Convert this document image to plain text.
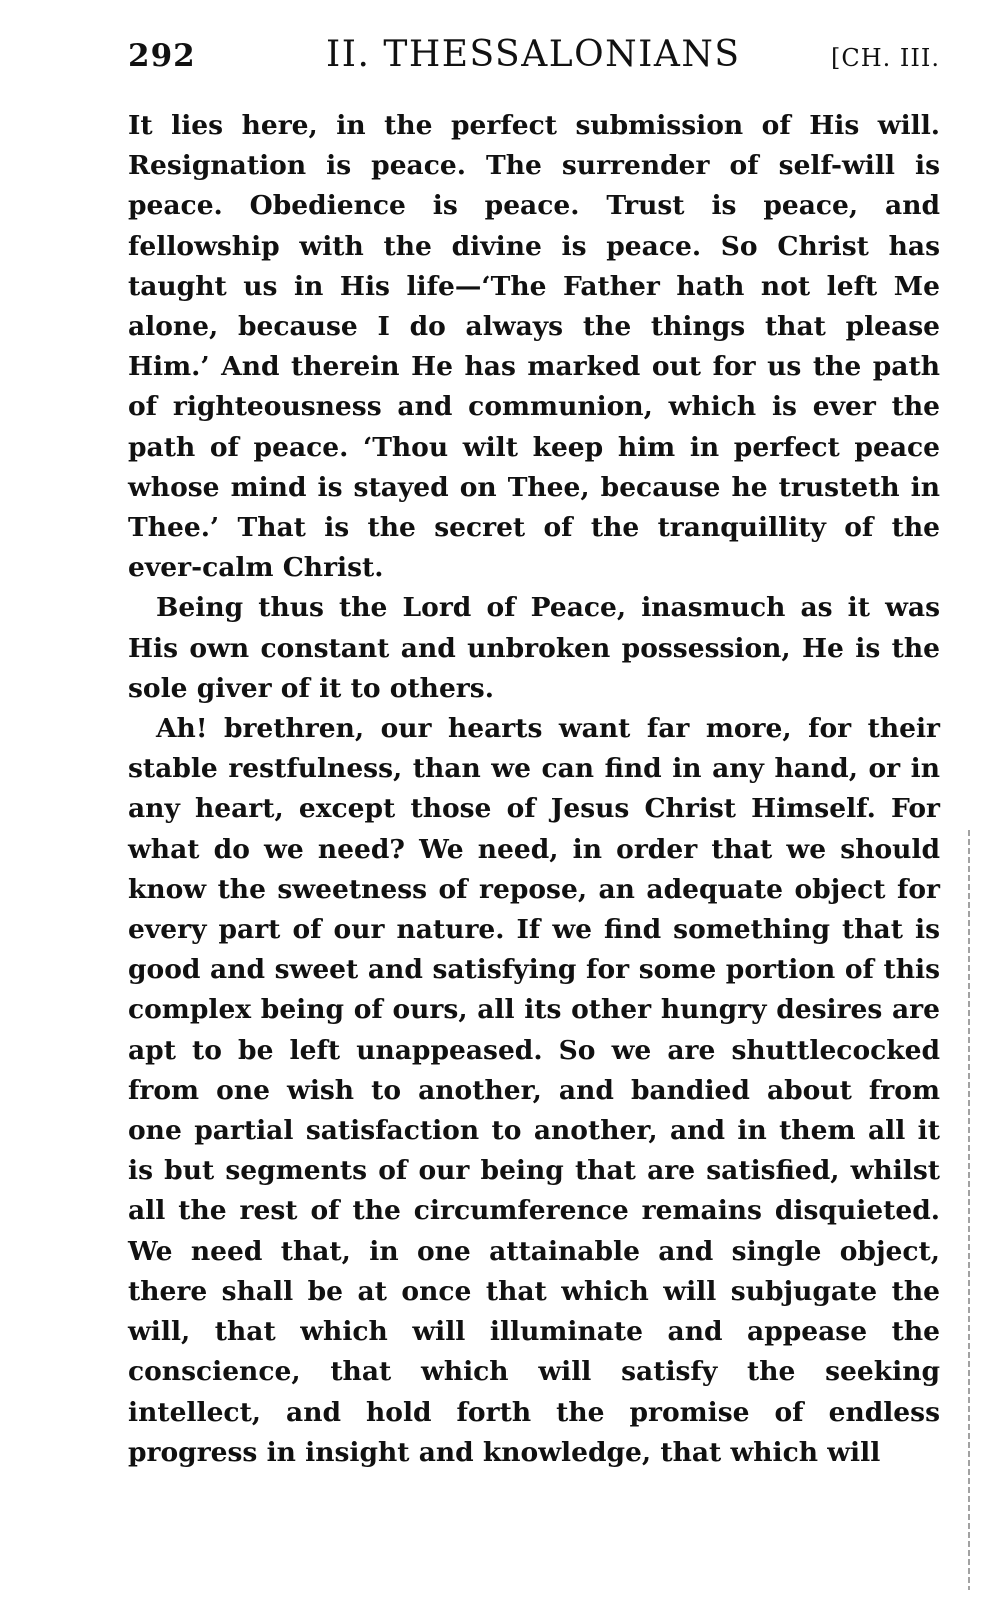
292	II. THESSALONIANS	[CH. III.

It lies here, in the perfect submission of His will. Resignation is peace. The surrender of self-will is peace. Obedience is peace. Trust is peace, and fellowship with the divine is peace. So Christ has taught us in His life—‘The Father hath not left Me alone, because I do always the things that please Him.’ And therein He has marked out for us the path of righteousness and communion, which is ever the path of peace. ‘Thou wilt keep him in perfect peace whose mind is stayed on Thee, because he trusteth in Thee.’ That is the secret of the tranquillity of the ever-calm Christ.

Being thus the Lord of Peace, inasmuch as it was His own constant and unbroken possession, He is the sole giver of it to others.

Ah! brethren, our hearts want far more, for their stable restfulness, than we can find in any hand, or in any heart, except those of Jesus Christ Himself. For what do we need? We need, in order that we should know the sweetness of repose, an adequate object for every part of our nature. If we find something that is good and sweet and satisfying for some portion of this complex being of ours, all its other hungry desires are apt to be left unappeased. So we are shuttlecocked from one wish to another, and bandied about from one partial satisfaction to another, and in them all it is but segments of our being that are satisfied, whilst all the rest of the circumference remains disquieted. We need that, in one attainable and single object, there shall be at once that which will subjugate the will, that which will illuminate and appease the conscience, that which will satisfy the seeking intellect, and hold forth the promise of endless progress in insight and knowledge, that which will
